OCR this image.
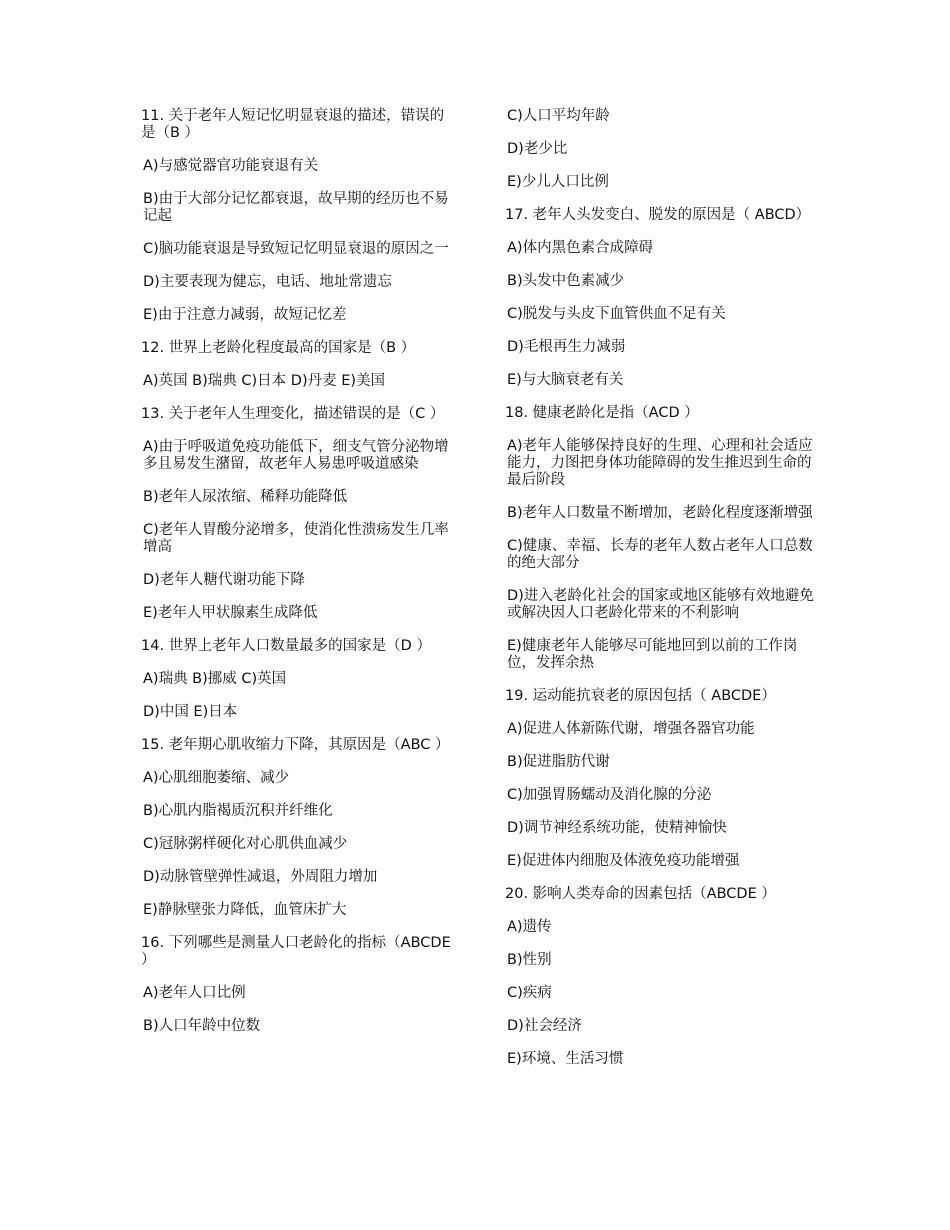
11. 关于老年人短记忆明显衰退的描述，错误的是（B ）

A)与感觉器官功能衰退有关

B)由于大部分记忆都衰退，故早期的经历也不易记起

C)脑功能衰退是导致短记忆明显衰退的原因之一

D)主要表现为健忘，电话、地址常遗忘

E)由于注意力减弱，故短记忆差

12. 世界上老龄化程度最高的国家是（B ）

A)英国 B)瑞典 C)日本 D)丹麦 E)美国

13. 关于老年人生理变化，描述错误的是（C ）

A)由于呼吸道免疫功能低下，细支气管分泌物增多且易发生潴留，故老年人易患呼吸道感染

B)老年人尿浓缩、稀释功能降低

C)老年人胃酸分泌增多，使消化性溃疡发生几率增高

D)老年人糖代谢功能下降

E)老年人甲状腺素生成降低

14. 世界上老年人口数量最多的国家是（D ）

A)瑞典 B)挪威 C)英国

D)中国 E)日本

15. 老年期心肌收缩力下降，其原因是（ABC ）

A)心肌细胞萎缩、减少

B)心肌内脂褐质沉积并纤维化

C)冠脉粥样硬化对心肌供血减少

D)动脉管壁弹性减退，外周阻力增加

E)静脉壁张力降低，血管床扩大

16. 下列哪些是测量人口老龄化的指标（ABCDE ）

A)老年人口比例

B)人口年龄中位数

C)人口平均年龄

D)老少比

E)少儿人口比例

17. 老年人头发变白、脱发的原因是（ ABCD）

A)体内黑色素合成障碍

B)头发中色素减少

C)脱发与头皮下血管供血不足有关

D)毛根再生力减弱

E)与大脑衰老有关

18. 健康老龄化是指（ACD ）

A)老年人能够保持良好的生理、心理和社会适应能力，力图把身体功能障碍的发生推迟到生命的最后阶段

B)老年人口数量不断增加，老龄化程度逐渐增强

C)健康、幸福、长寿的老年人数占老年人口总数的绝大部分

D)进入老龄化社会的国家或地区能够有效地避免或解决因人口老龄化带来的不利影响

E)健康老年人能够尽可能地回到以前的工作岗位，发挥余热

19. 运动能抗衰老的原因包括（ ABCDE）

A)促进人体新陈代谢，增强各器官功能

B)促进脂肪代谢

C)加强胃肠蠕动及消化腺的分泌

D)调节神经系统功能，使精神愉快

E)促进体内细胞及体液免疫功能增强

20. 影响人类寿命的因素包括（ABCDE ）

A)遗传

B)性别

C)疾病

D)社会经济

E)环境、生活习惯
